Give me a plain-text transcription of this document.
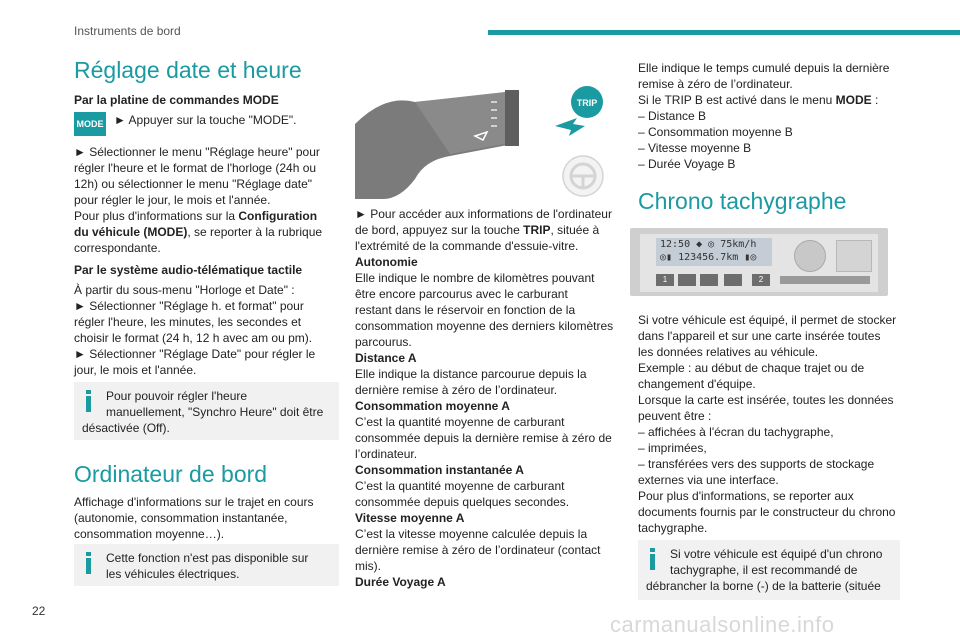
Instruments de bord
22
carmanualsonline.info
Réglage date et heure
Par la platine de commandes MODE
MODE ► Appuyer sur la touche "MODE".
► Sélectionner le menu "Réglage heure" pour
régler l'heure et le format de l'horloge (24h ou
12h) ou sélectionner le menu "Réglage date"
pour régler le jour, le mois et l'année.
Pour plus d'informations sur la Configuration
du véhicule (MODE), se reporter à la rubrique
correspondante.
Par le système audio-télématique tactile
À partir du sous-menu "Horloge et Date" :
► Sélectionner "Réglage h. et format" pour
régler l'heure, les minutes, les secondes et
choisir le format (24 h, 12 h avec am ou pm).
► Sélectionner "Réglage Date" pour régler le
jour, le mois et l'année.
Pour pouvoir régler l'heure
manuellement, "Synchro Heure" doit être
désactivée (Off).
Ordinateur de bord
Affichage d'informations sur le trajet en cours
(autonomie, consommation instantanée,
consommation moyenne…).
Cette fonction n'est pas disponible sur
les véhicules électriques.
TRIP
► Pour accéder aux informations de l'ordinateur
de bord, appuyez sur la touche TRIP, située à
l'extrémité de la commande d'essuie-vitre.
Autonomie
Elle indique le nombre de kilomètres pouvant
être encore parcourus avec le carburant
restant dans le réservoir en fonction de la
consommation moyenne des derniers kilomètres
parcourus.
Distance A
Elle indique la distance parcourue depuis la
dernière remise à zéro de l’ordinateur.
Consommation moyenne A
C’est la quantité moyenne de carburant
consommée depuis la dernière remise à zéro de
l’ordinateur.
Consommation instantanée A
C’est la quantité moyenne de carburant
consommée depuis quelques secondes.
Vitesse moyenne A
C’est la vitesse moyenne calculée depuis la
dernière remise à zéro de l’ordinateur (contact
mis).
Durée Voyage A
Elle indique le temps cumulé depuis la dernière
remise à zéro de l’ordinateur.
Si le TRIP B est activé dans le menu MODE :
– Distance B
– Consommation moyenne B
– Vitesse moyenne B
– Durée Voyage B
Chrono tachygraphe
12:50 ◆ ◎ 75km/h
◎▮ 123456.7km ▮◎
1	2
Si votre véhicule est équipé, il permet de stocker
dans l'appareil et sur une carte insérée toutes
les données relatives au véhicule.
Exemple : au début de chaque trajet ou de
changement d'équipe.
Lorsque la carte est insérée, toutes les données
peuvent être :
– affichées à l'écran du tachygraphe,
– imprimées,
– transférées vers des supports de stockage
externes via une interface.
Pour plus d'informations, se reporter aux
documents fournis par le constructeur du chrono
tachygraphe.
Si votre véhicule est équipé d'un chrono
tachygraphe, il est recommandé de
débrancher la borne (-) de la batterie (située
